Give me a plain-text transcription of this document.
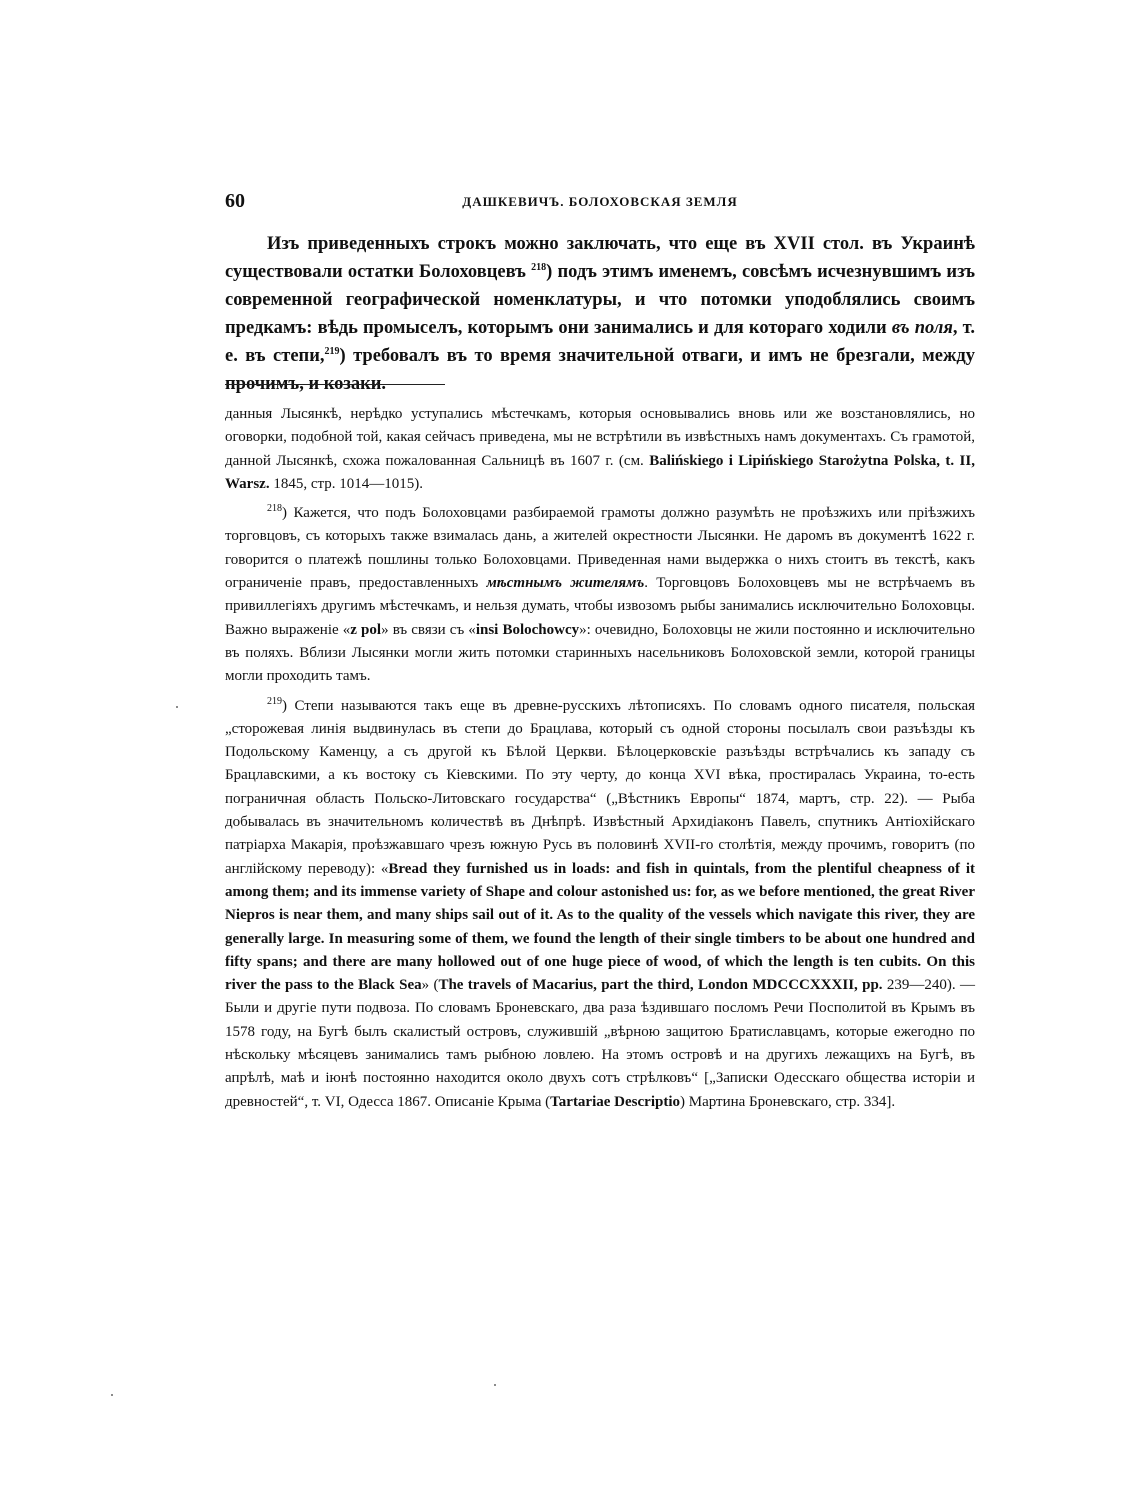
60	ДАШКЕВИЧЪ. БОЛОХОВСКАЯ ЗЕМЛЯ

Изъ приведенныхъ строкъ можно заключать, что еще въ XVII стол. въ Украинѣ существовали остатки Болоховцевъ $^{218}$) подъ этимъ именемъ, совсѣмъ исчезнувшимъ изъ современной географической номенклатуры, и что потомки уподоблялись своимъ предкамъ: вѣдь промыселъ, которымъ они занимались и для котораго ходили въ поля, т. е. въ степи,$^{219}$) требовалъ въ то время значительной отваги, и имъ не брезгали, между прочимъ, и козаки.

данныя Лысянкѣ, нерѣдко уступались мѣстечкамъ, которыя основывались вновь или же возстановлялись, но оговорки, подобной той, какая сейчасъ приведена, мы не встрѣтили въ извѣстныхъ намъ документахъ. Съ грамотой, данной Лысянкѣ, схожа пожалованная Сальницѣ въ 1607 г. (см. Balińskiego i Lipińskiego Starożytna Polska, t. II, Warsz. 1845, стр. 1014—1015).

$^{218}$) Кажется, что подъ Болоховцами разбираемой грамоты должно разумѣть не проѣзжихъ или пріѣзжихъ торговцовъ, съ которыхъ также взималась дань, а жителей окрестности Лысянки. Не даромъ въ документѣ 1622 г. говорится о платежѣ пошлины только Болоховцами. Приведенная нами выдержка о нихъ стоитъ въ текстѣ, какъ ограниченіе правъ, предоставленныхъ мѣстнымъ жителямъ. Торговцовъ Болоховцевъ мы не встрѣчаемъ въ привиллегіяхъ другимъ мѣстечкамъ, и нельзя думать, чтобы извозомъ рыбы занимались исключительно Болоховцы. Важно выраженіе «z pol» въ связи съ «insi Bolochowcy»: очевидно, Болоховцы не жили постоянно и исключительно въ поляхъ. Вблизи Лысянки могли жить потомки старинныхъ насельниковъ Болоховской земли, которой границы могли проходить тамъ.

$^{219}$) Степи называются такъ еще въ древне-русскихъ лѣтописяхъ. По словамъ одного писателя, польская „сторожевая линія выдвинулась въ степи до Брацлава, который съ одной стороны посылалъ свои разъѣзды къ Подольскому Каменцу, а съ другой къ Бѣлой Церкви. Бѣлоцерковскіе разъѣзды встрѣчались къ западу съ Брацлавскими, а къ востоку съ Кіевскими. По эту черту, до конца XVI вѣка, простиралась Украина, то-есть пограничная область Польско-Литовскаго государства“ („Вѣстникъ Европы“ 1874, мартъ, стр. 22). — Рыба добывалась въ значительномъ количествѣ въ Днѣпрѣ. Извѣстный Архидіаконъ Павелъ, спутникъ Антіохійскаго патріарха Макарія, проѣзжавшаго чрезъ южную Русь въ половинѣ XVII-го столѣтія, между прочимъ, говоритъ (по англійскому переводу): «Bread they furnished us in loads: and fish in quintals, from the plentiful cheapness of it among them; and its immense variety of Shape and colour astonished us: for, as we before mentioned, the great River Niepros is near them, and many ships sail out of it. As to the quality of the vessels which navigate this river, they are generally large. In measuring some of them, we found the length of their single timbers to be about one hundred and fifty spans; and there are many hollowed out of one huge piece of wood, of which the length is ten cubits. On this river the pass to the Black Sea» (The travels of Macarius, part the third, London MDCCCXXXII, pp. 239—240). — Были и другіе пути подвоза. По словамъ Броневскаго, два раза ѣздившаго посломъ Речи Посполитой въ Крымъ въ 1578 году, на Бугѣ былъ скалистый островъ, служившій „вѣрною защитою Братиславцамъ, которые ежегодно по нѣскольку мѣсяцевъ занимались тамъ рыбною ловлею. На этомъ островѣ и на другихъ лежащихъ на Бугѣ, въ апрѣлѣ, маѣ и іюнѣ постоянно находится около двухъ сотъ стрѣлковъ“ [„Записки Одесскаго общества исторіи и древностей“, т. VI, Одесса 1867. Описаніе Крыма (Tartariae Descriptio) Мартина Броневскаго, стр. 334].
